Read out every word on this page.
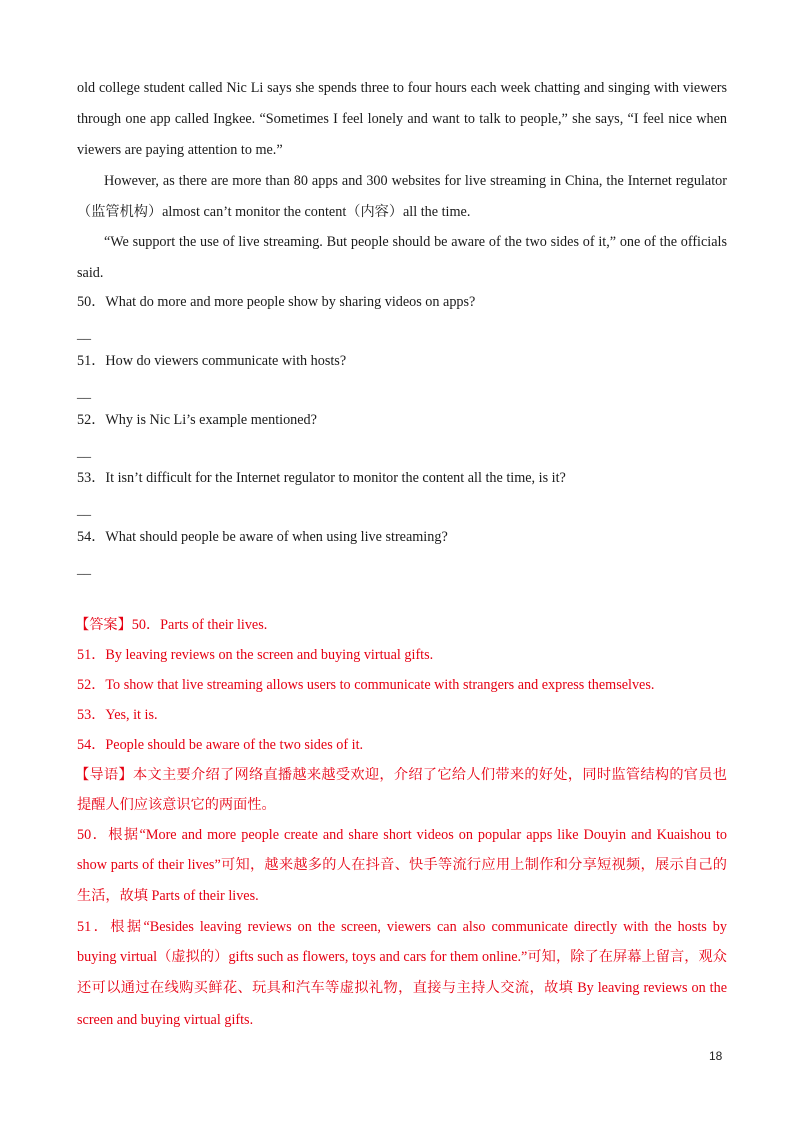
old college student called Nic Li says she spends three to four hours each week chatting and singing with viewers
through one app called Ingkee. “Sometimes I feel lonely and want to talk to people,” she says, “I feel nice when
viewers are paying attention to me.”
However, as there are more than 80 apps and 300 websites for live streaming in China, the Internet regulator
（监管机构）almost can’t monitor the content（内容）all the time.
“We support the use of live streaming. But people should be aware of the two sides of it,” one of the officials
said.
50．What do more and more people show by sharing videos on apps?
__
51．How do viewers communicate with hosts?
__
52．Why is Nic Li’s example mentioned?
__
53．It isn’t difficult for the Internet regulator to monitor the content all the time, is it?
__
54．What should people be aware of when using live streaming?
__
【答案】50．Parts of their lives.
51．By leaving reviews on the screen and buying virtual gifts.
52．To show that live streaming allows users to communicate with strangers and express themselves.
53．Yes, it is.
54．People should be aware of the two sides of it.
【导语】本文主要介绍了网络直播越来越受欢迎，介绍了它给人们带来的好处，同时监管结构的官员也
提醒人们应该意识它的两面性。
50．根据“More and more people create and share short videos on popular apps like Douyin and Kuaishou to
show parts of their lives”可知，越来越多的人在抖音、快手等流行应用上制作和分享短视频，展示自己的
生活，故填 Parts of their lives.
51．根据“Besides leaving reviews on the screen, viewers can also communicate directly with the hosts by
buying virtual（虚拟的）gifts such as flowers, toys and cars for them online.”可知，除了在屏幕上留言，观众
还可以通过在线购买鲜花、玩具和汽车等虚拟礼物，直接与主持人交流，故填 By leaving reviews on the
screen and buying virtual gifts.
18
